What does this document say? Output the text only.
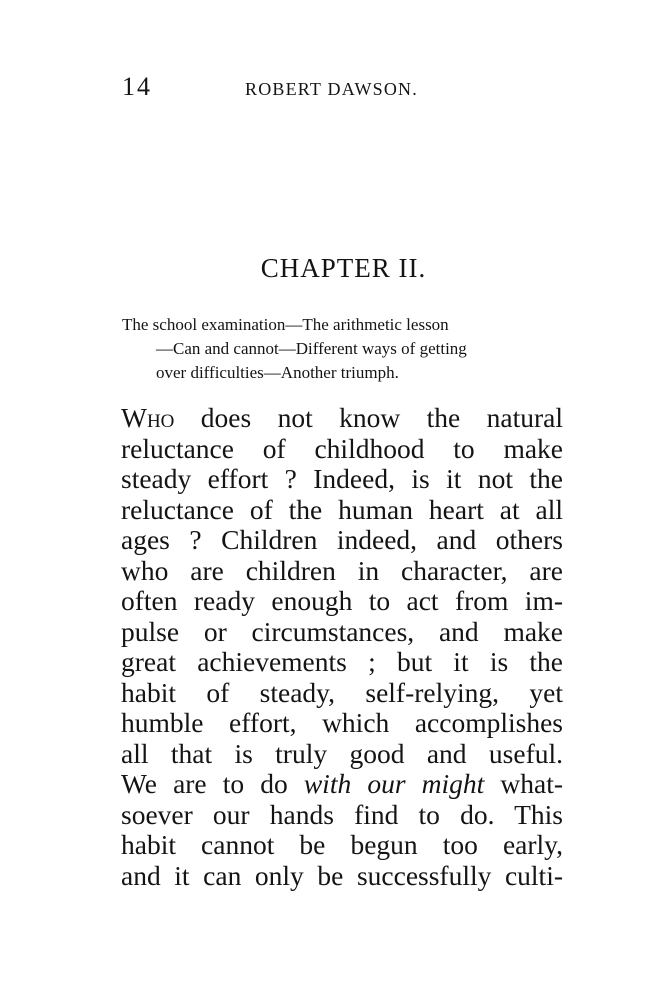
14	ROBERT DAWSON.
CHAPTER II.
The school examination—The arithmetic lesson
—Can and cannot—Different ways of getting
over difficulties—Another triumph.
Who does not know the natural
reluctance of childhood to make
steady effort ? Indeed, is it not the
reluctance of the human heart at all
ages ? Children indeed, and others
who are children in character, are
often ready enough to act from im-
pulse or circumstances, and make
great achievements ; but it is the
habit of steady, self-relying, yet
humble effort, which accomplishes
all that is truly good and useful.
We are to do with our might what-
soever our hands find to do. This
habit cannot be begun too early,
and it can only be successfully culti-
